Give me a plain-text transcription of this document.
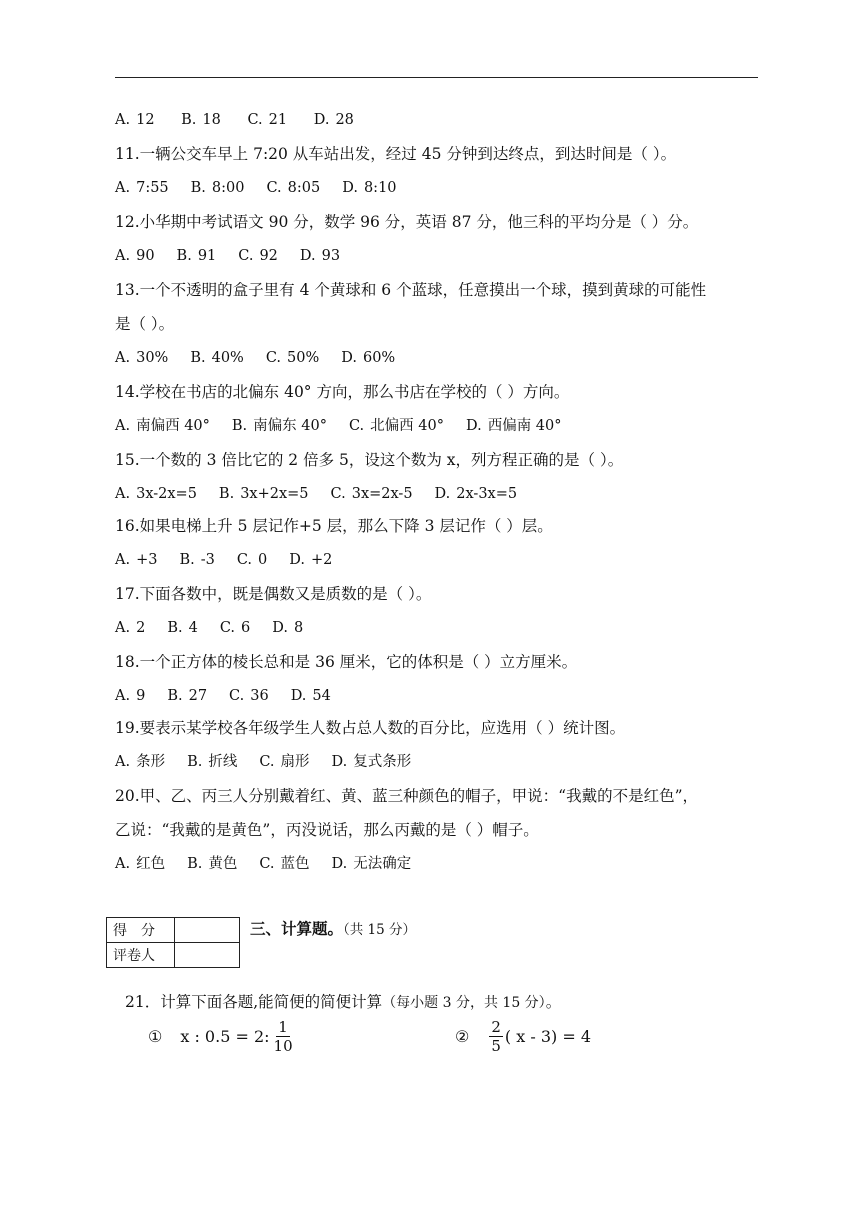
A. 12 B. 18 C. 21 D. 28
11.一辆公交车早上 7:20 从车站出发，经过 45 分钟到达终点，到达时间是（ ）。
A. 7:55 B. 8:00 C. 8:05 D. 8:10
12.小华期中考试语文 90 分，数学 96 分，英语 87 分，他三科的平均分是（ ）分。
A. 90 B. 91 C. 92 D. 93
13.一个不透明的盒子里有 4 个黄球和 6 个蓝球，任意摸出一个球，摸到黄球的可能性
是（ ）。
A. 30% B. 40% C. 50% D. 60%
14.学校在书店的北偏东 40° 方向，那么书店在学校的（ ）方向。
A. 南偏西 40° B. 南偏东 40° C. 北偏西 40° D. 西偏南 40°
15.一个数的 3 倍比它的 2 倍多 5，设这个数为 x，列方程正确的是（ ）。
A. 3x-2x=5 B. 3x+2x=5 C. 3x=2x-5 D. 2x-3x=5
16.如果电梯上升 5 层记作+5 层，那么下降 3 层记作（ ）层。
A. +3 B. -3 C. 0 D. +2
17.下面各数中，既是偶数又是质数的是（ ）。
A. 2 B. 4 C. 6 D. 8
18.一个正方体的棱长总和是 36 厘米，它的体积是（ ）立方厘米。
A. 9 B. 27 C. 36 D. 54
19.要表示某学校各年级学生人数占总人数的百分比，应选用（ ）统计图。
A. 条形 B. 折线 C. 扇形 D. 复式条形
20.甲、乙、丙三人分别戴着红、黄、蓝三种颜色的帽子，甲说：“我戴的不是红色”，
乙说：“我戴的是黄色”，丙没说话，那么丙戴的是（ ）帽子。
A. 红色 B. 黄色 C. 蓝色 D. 无法确定
得　分	
评卷人	
三、计算题。（共 15 分）
21．计算下面各题,能简便的简便计算（每小题 3 分，共 15 分）。
① x : 0.5 = 2: $\frac{1}{10}$	② $\frac{2}{5}$ ( x - 3) = 4
